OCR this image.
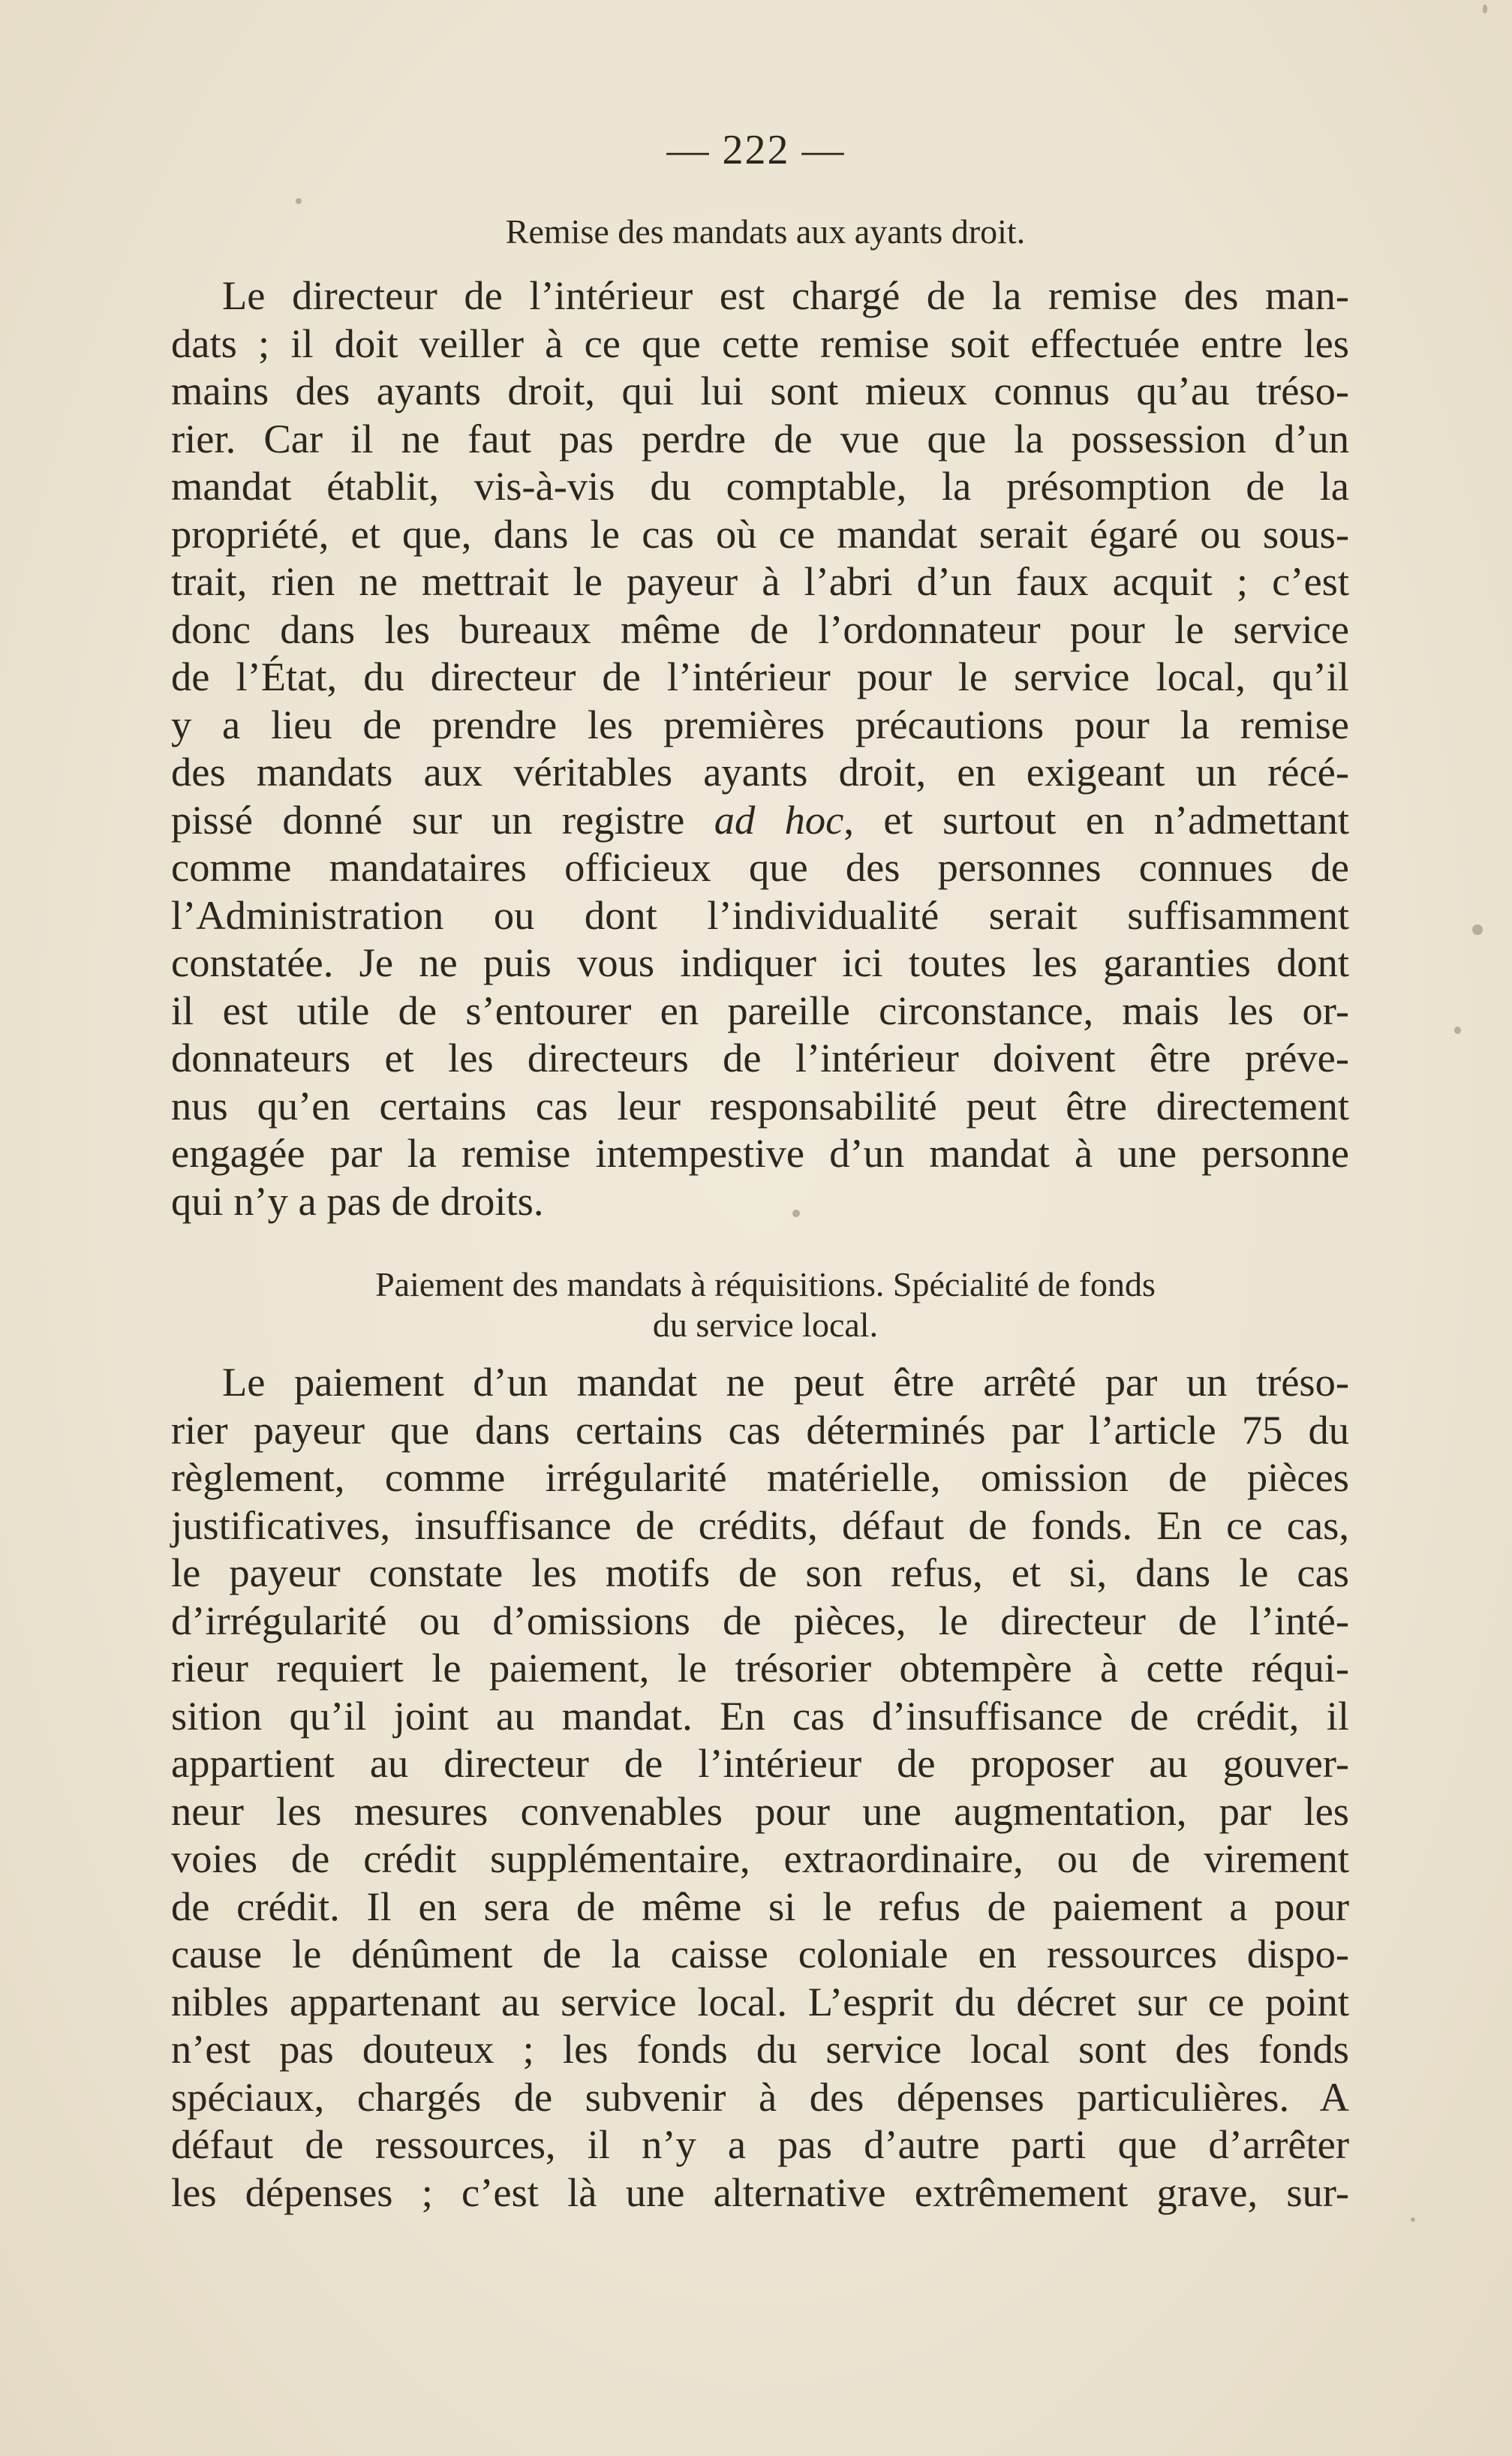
— 222 —
Remise des mandats aux ayants droit.
Le directeur de l’intérieur est chargé de la remise des man-
dats ; il doit veiller à ce que cette remise soit effectuée entre les
mains des ayants droit, qui lui sont mieux connus qu’au tréso-
rier. Car il ne faut pas perdre de vue que la possession d’un
mandat établit, vis-à-vis du comptable, la présomption de la
propriété, et que, dans le cas où ce mandat serait égaré ou sous-
trait, rien ne mettrait le payeur à l’abri d’un faux acquit ; c’est
donc dans les bureaux même de l’ordonnateur pour le service
de l’État, du directeur de l’intérieur pour le service local, qu’il
y a lieu de prendre les premières précautions pour la remise
des mandats aux véritables ayants droit, en exigeant un récé-
pissé donné sur un registre ad hoc, et surtout en n’admettant
comme mandataires officieux que des personnes connues de
l’Administration ou dont l’individualité serait suffisamment
constatée. Je ne puis vous indiquer ici toutes les garanties dont
il est utile de s’entourer en pareille circonstance, mais les or-
donnateurs et les directeurs de l’intérieur doivent être préve-
nus qu’en certains cas leur responsabilité peut être directement
engagée par la remise intempestive d’un mandat à une personne
qui n’y a pas de droits.
Paiement des mandats à réquisitions. Spécialité de fonds
du service local.
Le paiement d’un mandat ne peut être arrêté par un tréso-
rier payeur que dans certains cas déterminés par l’article 75 du
règlement, comme irrégularité matérielle, omission de pièces
justificatives, insuffisance de crédits, défaut de fonds. En ce cas,
le payeur constate les motifs de son refus, et si, dans le cas
d’irrégularité ou d’omissions de pièces, le directeur de l’inté-
rieur requiert le paiement, le trésorier obtempère à cette réqui-
sition qu’il joint au mandat. En cas d’insuffisance de crédit, il
appartient au directeur de l’intérieur de proposer au gouver-
neur les mesures convenables pour une augmentation, par les
voies de crédit supplémentaire, extraordinaire, ou de virement
de crédit. Il en sera de même si le refus de paiement a pour
cause le dénûment de la caisse coloniale en ressources dispo-
nibles appartenant au service local. L’esprit du décret sur ce point
n’est pas douteux ; les fonds du service local sont des fonds
spéciaux, chargés de subvenir à des dépenses particulières. A
défaut de ressources, il n’y a pas d’autre parti que d’arrêter
les dépenses ; c’est là une alternative extrêmement grave, sur-
